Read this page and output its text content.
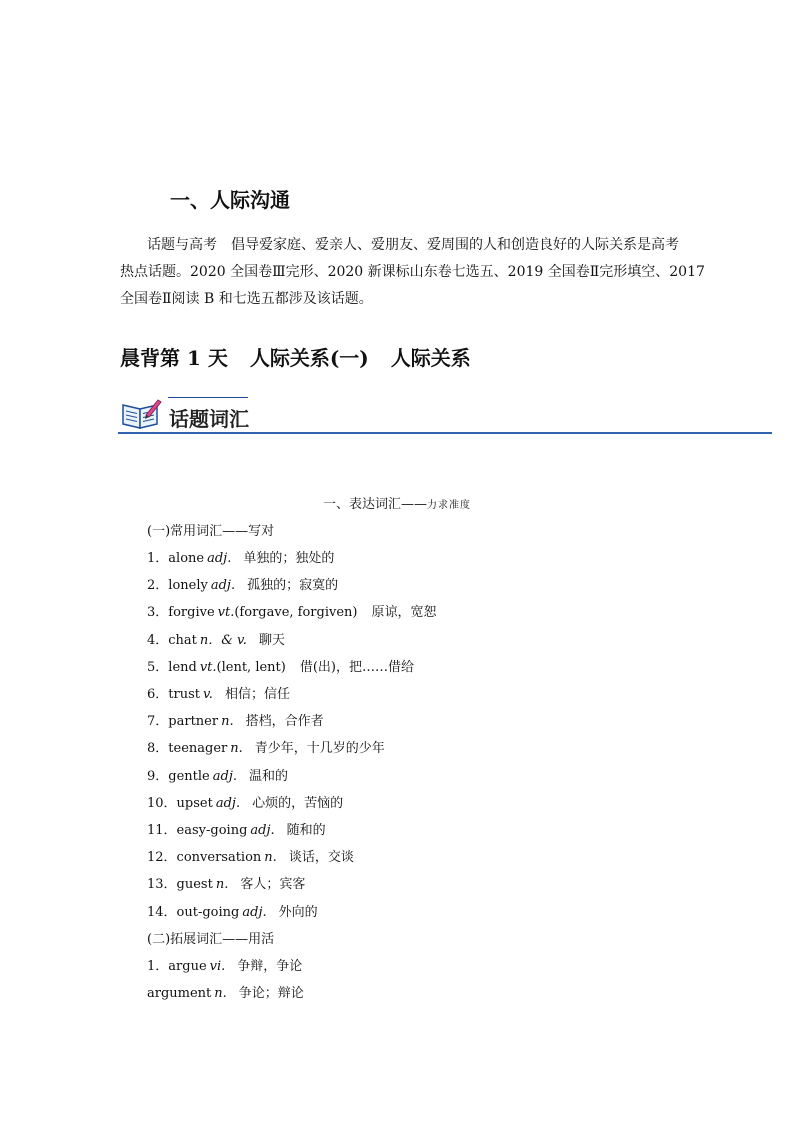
一、人际沟通
话题与高考 倡导爱家庭、爱亲人、爱朋友、爱周围的人和创造良好的人际关系是高考
热点话题。2020 全国卷Ⅲ完形、2020 新课标山东卷七选五、2019 全国卷Ⅱ完形填空、2017
全国卷Ⅱ阅读 B 和七选五都涉及该话题。
晨背第 1 天 人际关系(一) 人际关系
话题词汇
一、表达词汇——力求准度
(一)常用词汇——写对
1．alone adj. 单独的；独处的
2．lonely adj. 孤独的；寂寞的
3．forgive vt.(forgave, forgiven) 原谅，宽恕
4．chat n．& v. 聊天
5．lend vt.(lent, lent) 借(出)，把……借给
6．trust v. 相信；信任
7．partner n. 搭档，合作者
8．teenager n. 青少年，十几岁的少年
9．gentle adj. 温和的
10．upset adj. 心烦的，苦恼的
11．easy-going adj. 随和的
12．conversation n. 谈话，交谈
13．guest n. 客人；宾客
14．out-going adj. 外向的
(二)拓展词汇——用活
1．argue vi. 争辩，争论
argument n. 争论；辩论
